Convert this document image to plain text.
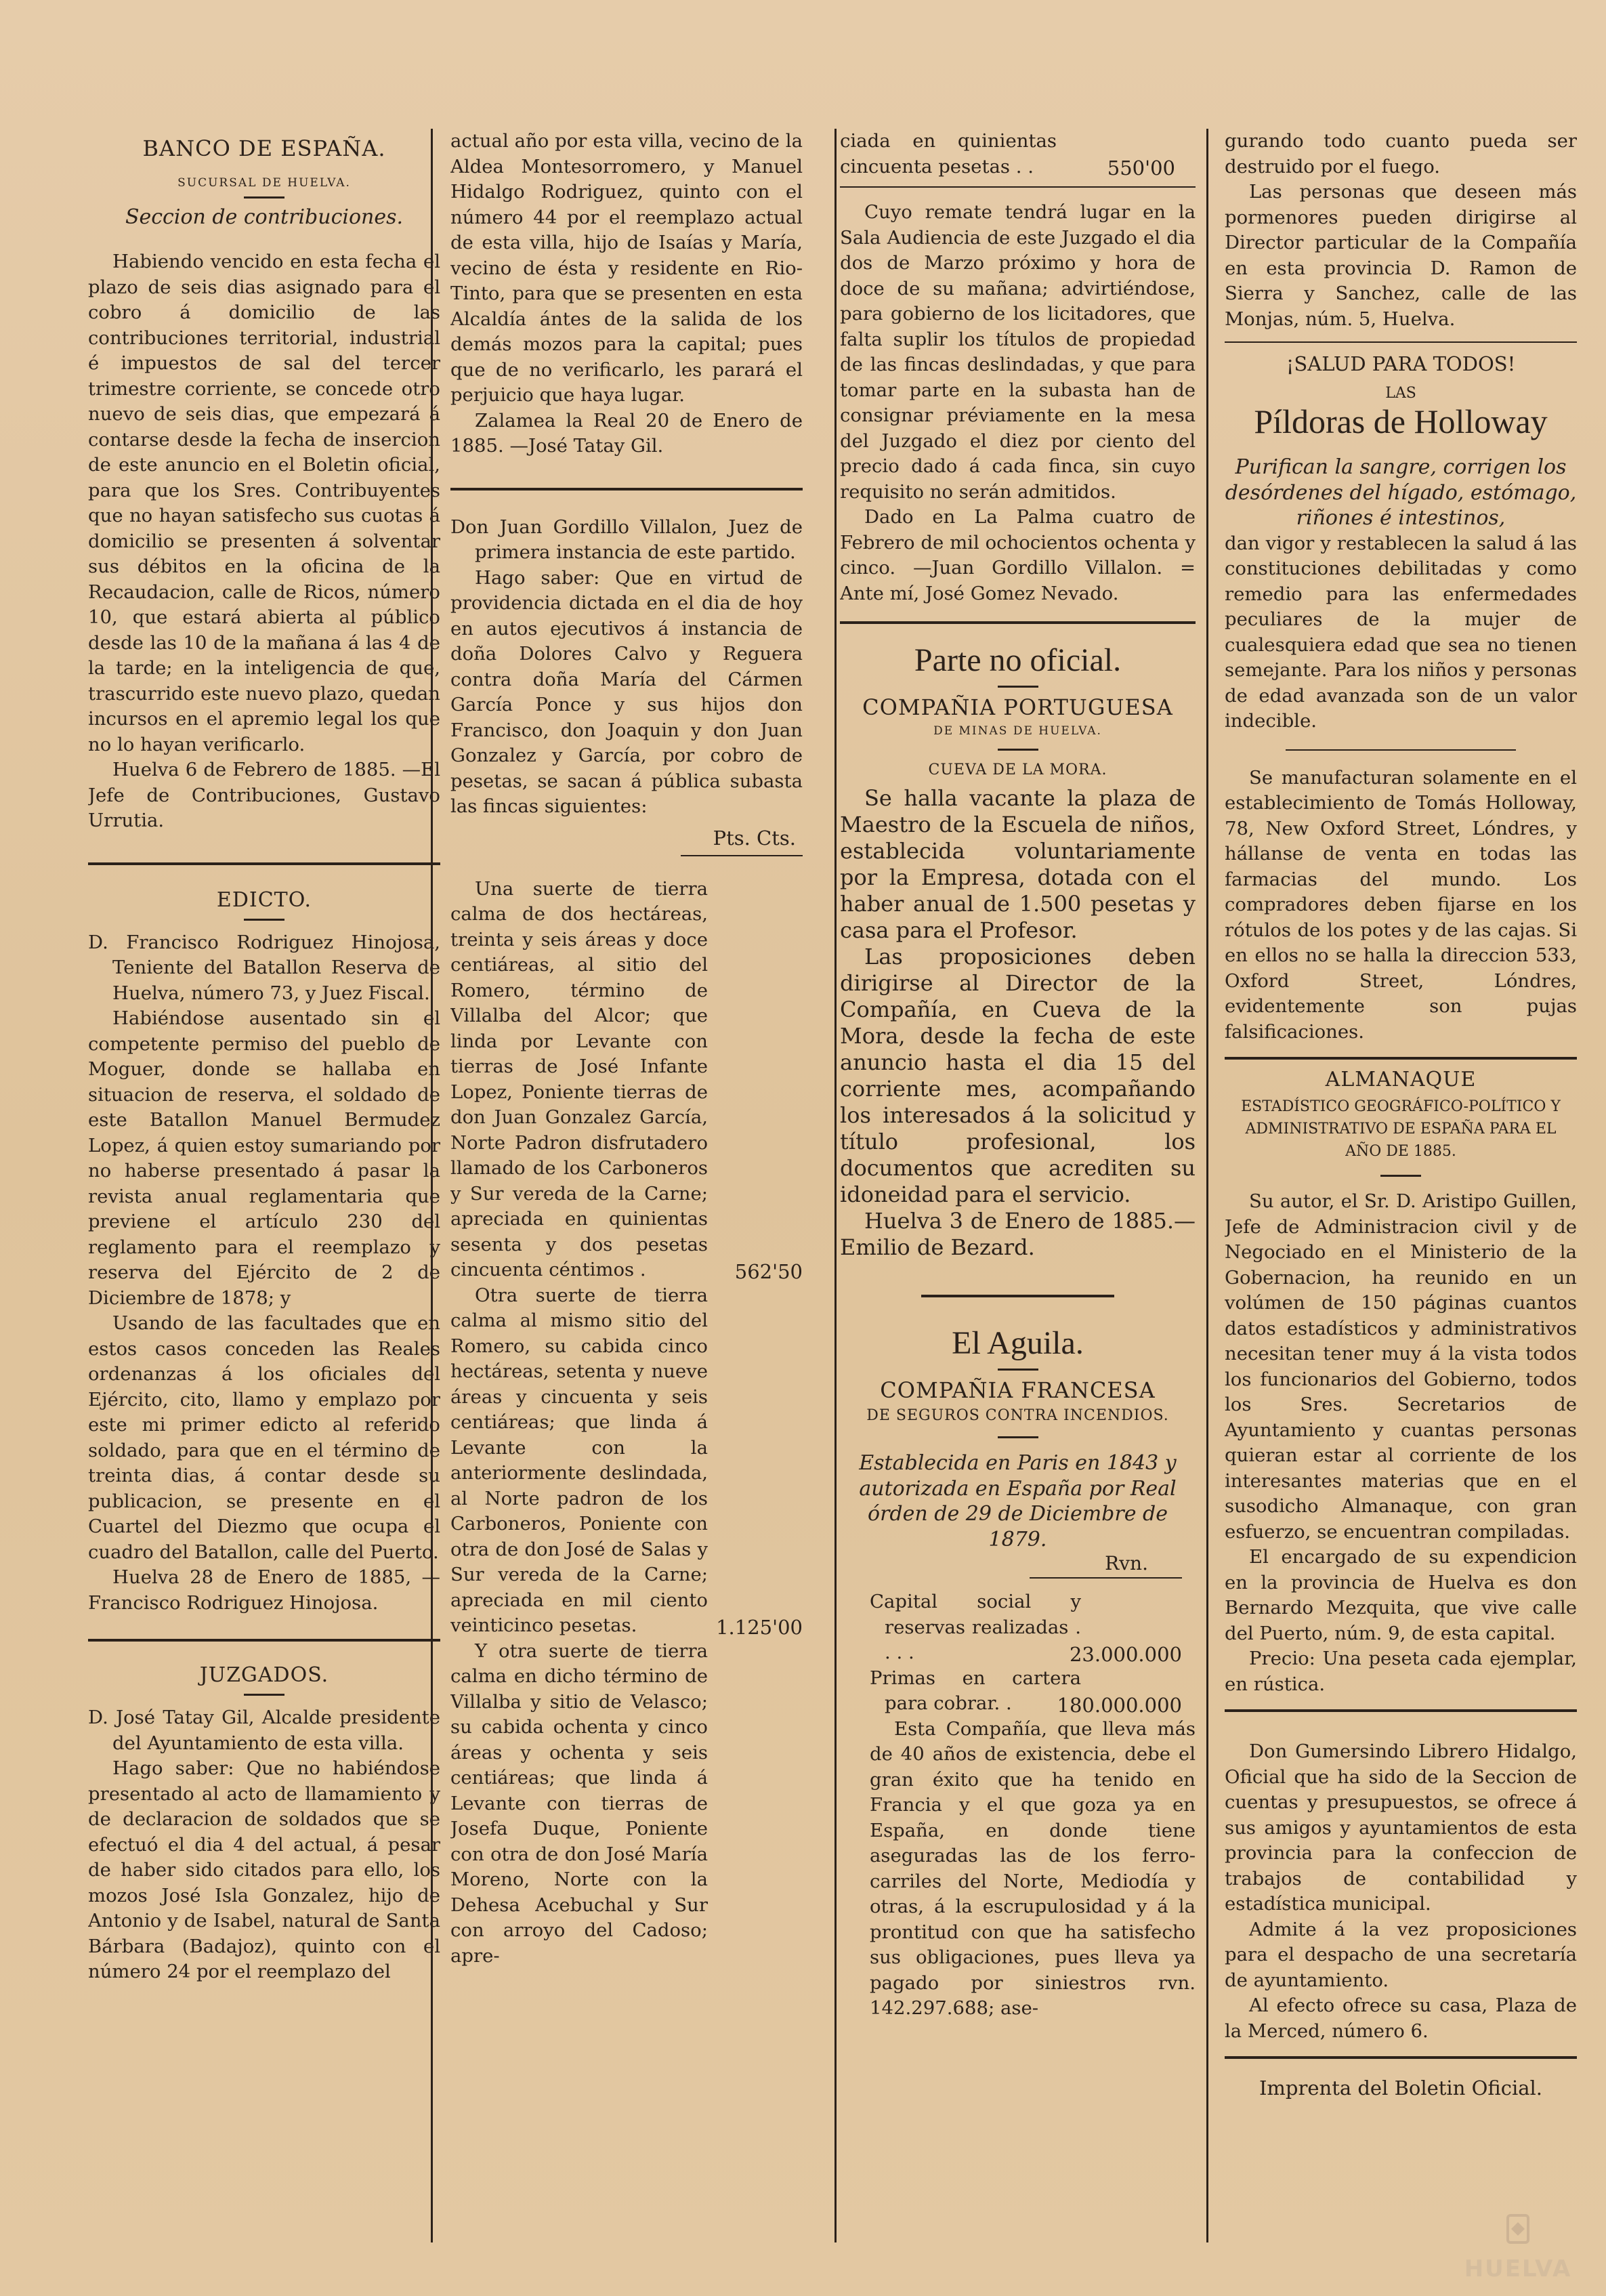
BANCO DE ESPAÑA.
SUCURSAL DE HUELVA.
Seccion de contribuciones.

Habiendo vencido en esta fecha el plazo de seis dias asignado para el cobro á domicilio de las contribuciones territorial, industrial é impuestos de sal del tercer trimestre corriente, se concede otro nuevo de seis dias, que empezará á contarse desde la fecha de insercion de este anuncio en el Boletin oficial, para que los Sres. Contribuyentes que no hayan satisfecho sus cuotas á domicilio se presenten á solventar sus débitos en la oficina de la Recaudacion, calle de Ricos, número 10, que estará abierta al público desde las 10 de la mañana á las 4 de la tarde; en la inteligencia de que, trascurrido este nuevo plazo, quedan incursos en el apremio legal los que no lo hayan verificarlo.

Huelva 6 de Febrero de 1885. —El Jefe de Contribuciones, Gustavo Urrutia.

EDICTO.

D. Francisco Rodriguez Hinojosa, Teniente del Batallon Reserva de Huelva, número 73, y Juez Fiscal.

Habiéndose ausentado sin el competente permiso del pueblo de Moguer, donde se hallaba en situacion de reserva, el soldado de este Batallon Manuel Bermudez Lopez, á quien estoy sumariando por no haberse presentado á pasar la revista anual reglamentaria que previene el artículo 230 del reglamento para el reemplazo y reserva del Ejército de 2 de Diciembre de 1878; y

Usando de las facultades que en estos casos conceden las Reales ordenanzas á los oficiales del Ejército, cito, llamo y emplazo por este mi primer edicto al referido soldado, para que en el término de treinta dias, á contar desde su publicacion, se presente en el Cuartel del Diezmo que ocupa el cuadro del Batallon, calle del Puerto.

Huelva 28 de Enero de 1885, — Francisco Rodriguez Hinojosa.

JUZGADOS.

D. José Tatay Gil, Alcalde presidente del Ayuntamiento de esta villa.

Hago saber: Que no habiéndose presentado al acto de llamamiento y de declaracion de soldados que se efectuó el dia 4 del actual, á pesar de haber sido citados para ello, los mozos José Isla Gonzalez, hijo de Antonio y de Isabel, natural de Santa Bárbara (Badajoz), quinto con el número 24 por el reemplazo del

actual año por esta villa, vecino de la Aldea Montesorromero, y Manuel Hidalgo Rodriguez, quinto con el número 44 por el reemplazo actual de esta villa, hijo de Isaías y María, vecino de ésta y residente en Rio-Tinto, para que se presenten en esta Alcaldía ántes de la salida de los demás mozos para la capital; pues que de no verificarlo, les parará el perjuicio que haya lugar.

Zalamea la Real 20 de Enero de 1885. —José Tatay Gil.

Don Juan Gordillo Villalon, Juez de primera instancia de este partido.

Hago saber: Que en virtud de providencia dictada en el dia de hoy en autos ejecutivos á instancia de doña Dolores Calvo y Reguera contra doña María del Cármen García Ponce y sus hijos don Francisco, don Joaquin y don Juan Gonzalez y García, por cobro de pesetas, se sacan á pública subasta las fincas siguientes:

Pts. Cts.

Una suerte de tierra calma de dos hectáreas, treinta y seis áreas y doce centiáreas, al sitio del Romero, término de Villalba del Alcor; que linda por Levante con tierras de José Infante Lopez, Poniente tierras de don Juan Gonzalez García, Norte Padron disfrutadero llamado de los Carboneros y Sur vereda de la Carne; apreciada en quinientas sesenta y dos pesetas cincuenta céntimos .	562'50

Otra suerte de tierra calma al mismo sitio del Romero, su cabida cinco hectáreas, setenta y nueve áreas y cincuenta y seis centiáreas; que linda á Levante con la anteriormente deslindada, al Norte padron de los Carboneros, Poniente con otra de don José de Salas y Sur vereda de la Carne; apreciada en mil ciento veinticinco pesetas.	1.125'00

Y otra suerte de tierra calma en dicho término de Villalba y sitio de Velasco; su cabida ochenta y cinco áreas y ochenta y seis centiáreas; que linda á Levante con tierras de Josefa Duque, Poniente con otra de don José María Moreno, Norte con la Dehesa Acebuchal y Sur con arroyo del Cadoso; apre-

ciada en quinientas cincuenta pesetas . .	550'00

Cuyo remate tendrá lugar en la Sala Audiencia de este Juzgado el dia dos de Marzo próximo y hora de doce de su mañana; advirtiéndose, para gobierno de los licitadores, que falta suplir los títulos de propiedad de las fincas deslindadas, y que para tomar parte en la subasta han de consignar préviamente en la mesa del Juzgado el diez por ciento del precio dado á cada finca, sin cuyo requisito no serán admitidos.

Dado en La Palma cuatro de Febrero de mil ochocientos ochenta y cinco. —Juan Gordillo Villalon. = Ante mí, José Gomez Nevado.

Parte no oficial.
COMPAÑIA PORTUGUESA
DE MINAS DE HUELVA.
CUEVA DE LA MORA.

Se halla vacante la plaza de Maestro de la Escuela de niños, establecida voluntariamente por la Empresa, dotada con el haber anual de 1.500 pesetas y casa para el Profesor.

Las proposiciones deben dirigirse al Director de la Compañía, en Cueva de la Mora, desde la fecha de este anuncio hasta el dia 15 del corriente mes, acompañando los interesados á la solicitud y título profesional, los documentos que acrediten su idoneidad para el servicio.

Huelva 3 de Enero de 1885.—Emilio de Bezard.

El Aguila.
COMPAÑIA FRANCESA
DE SEGUROS CONTRA INCENDIOS.

Establecida en Paris en 1843 y autorizada en España por Real órden de 29 de Diciembre de 1879.

Rvn.

Capital social y reservas realizadas . . . .	23.000.000

Primas en cartera para cobrar. .	180.000.000

Esta Compañía, que lleva más de 40 años de existencia, debe el gran éxito que ha tenido en Francia y el que goza ya en España, en donde tiene aseguradas las de los ferro-carriles del Norte, Mediodía y otras, á la escrupulosidad y á la prontitud con que ha satisfecho sus obligaciones, pues lleva ya pagado por siniestros rvn. 142.297.688; ase-

gurando todo cuanto pueda ser destruido por el fuego.

Las personas que deseen más pormenores pueden dirigirse al Director particular de la Compañía en esta provincia D. Ramon de Sierra y Sanchez, calle de las Monjas, núm. 5, Huelva.

¡SALUD PARA TODOS!
LAS
Píldoras de Holloway

Purifican la sangre, corrigen los desórdenes del hígado, estómago, riñones é intestinos,

dan vigor y restablecen la salud á las constituciones debilitadas y como remedio para las enfermedades peculiares de la mujer de cualesquiera edad que sea no tienen semejante. Para los niños y personas de edad avanzada son de un valor indecible.

Se manufacturan solamente en el establecimiento de Tomás Holloway, 78, New Oxford Street, Lóndres, y hállanse de venta en todas las farmacias del mundo. Los compradores deben fijarse en los rótulos de los potes y de las cajas. Si en ellos no se halla la direccion 533, Oxford Street, Lóndres, evidentemente son pujas falsificaciones.

ALMANAQUE
ESTADÍSTICO GEOGRÁFICO-POLÍTICO Y ADMINISTRATIVO DE ESPAÑA PARA EL AÑO DE 1885.

Su autor, el Sr. D. Aristipo Guillen, Jefe de Administracion civil y de Negociado en el Ministerio de la Gobernacion, ha reunido en un volúmen de 150 páginas cuantos datos estadísticos y administrativos necesitan tener muy á la vista todos los funcionarios del Gobierno, todos los Sres. Secretarios de Ayuntamiento y cuantas personas quieran estar al corriente de los interesantes materias que en el susodicho Almanaque, con gran esfuerzo, se encuentran compiladas.

El encargado de su expendicion en la provincia de Huelva es don Bernardo Mezquita, que vive calle del Puerto, núm. 9, de esta capital.

Precio: Una peseta cada ejemplar, en rústica.

Don Gumersindo Librero Hidalgo, Oficial que ha sido de la Seccion de cuentas y presupuestos, se ofrece á sus amigos y ayuntamientos de esta provincia para la confeccion de trabajos de contabilidad y estadística municipal.

Admite á la vez proposiciones para el despacho de una secretaría de ayuntamiento.

Al efecto ofrece su casa, Plaza de la Merced, número 6.

Imprenta del Boletin Oficial.
HUELVA
